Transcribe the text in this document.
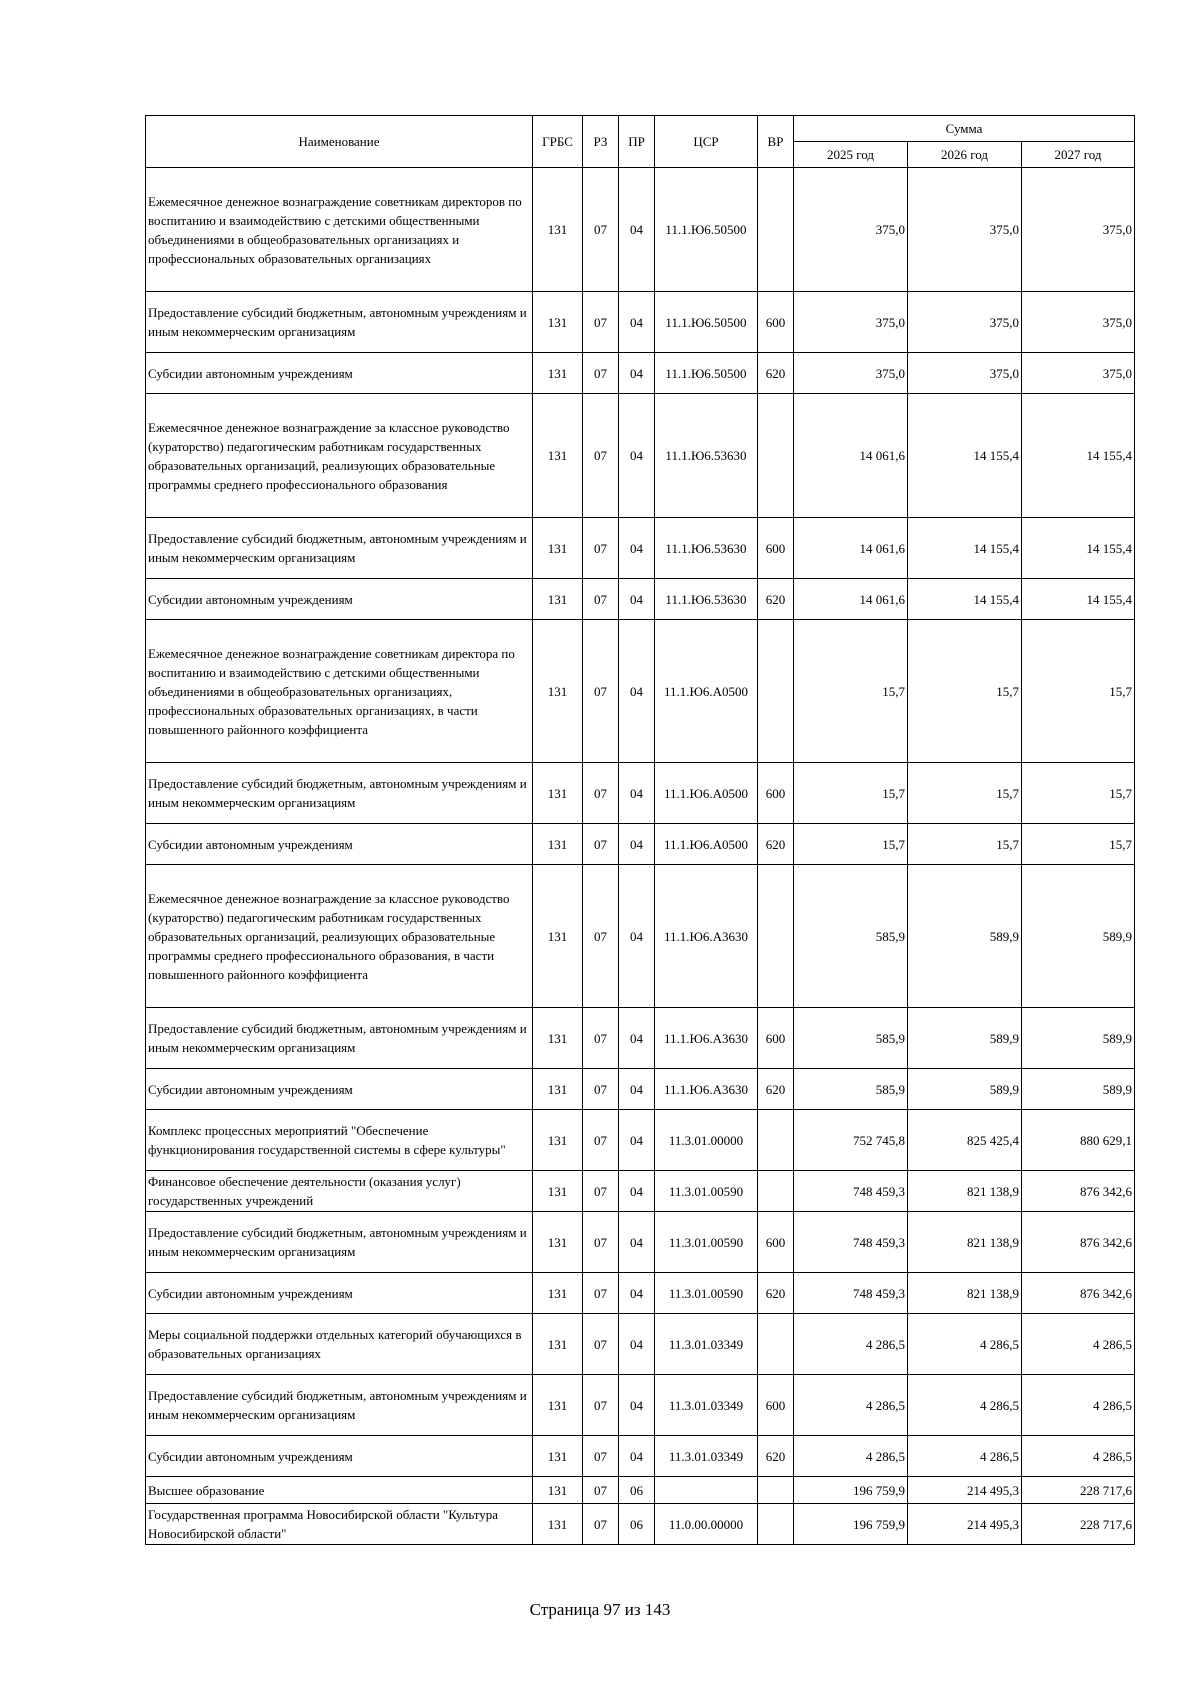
Наименование	ГРБС	РЗ	ПР	ЦСР	ВР	Сумма		
						2025 год	2026 год	2027 год
Ежемесячное денежное вознаграждение советникам директоров по воспитанию и взаимодействию с детскими общественными объединениями в общеобразовательных организациях и профессиональных образовательных организациях	131	07	04	11.1.Ю6.50500		375,0	375,0	375,0
Предоставление субсидий бюджетным, автономным учреждениям и иным некоммерческим организациям	131	07	04	11.1.Ю6.50500	600	375,0	375,0	375,0
Субсидии автономным учреждениям	131	07	04	11.1.Ю6.50500	620	375,0	375,0	375,0
Ежемесячное денежное вознаграждение за классное руководство (кураторство) педагогическим работникам государственных образовательных организаций, реализующих образовательные программы среднего профессионального образования	131	07	04	11.1.Ю6.53630		14 061,6	14 155,4	14 155,4
Предоставление субсидий бюджетным, автономным учреждениям и иным некоммерческим организациям	131	07	04	11.1.Ю6.53630	600	14 061,6	14 155,4	14 155,4
Субсидии автономным учреждениям	131	07	04	11.1.Ю6.53630	620	14 061,6	14 155,4	14 155,4
Ежемесячное денежное вознаграждение советникам директора по воспитанию и взаимодействию с детскими общественными объединениями в общеобразовательных организациях, профессиональных образовательных организациях, в части повышенного районного коэффициента	131	07	04	11.1.Ю6.А0500		15,7	15,7	15,7
Предоставление субсидий бюджетным, автономным учреждениям и иным некоммерческим организациям	131	07	04	11.1.Ю6.А0500	600	15,7	15,7	15,7
Субсидии автономным учреждениям	131	07	04	11.1.Ю6.А0500	620	15,7	15,7	15,7
Ежемесячное денежное вознаграждение за классное руководство (кураторство) педагогическим работникам государственных образовательных организаций, реализующих образовательные программы среднего профессионального образования, в части повышенного районного коэффициента	131	07	04	11.1.Ю6.А3630		585,9	589,9	589,9
Предоставление субсидий бюджетным, автономным учреждениям и иным некоммерческим организациям	131	07	04	11.1.Ю6.А3630	600	585,9	589,9	589,9
Субсидии автономным учреждениям	131	07	04	11.1.Ю6.А3630	620	585,9	589,9	589,9
Комплекс процессных мероприятий "Обеспечение функционирования государственной системы в сфере культуры"	131	07	04	11.3.01.00000		752 745,8	825 425,4	880 629,1
Финансовое обеспечение деятельности (оказания услуг) государственных учреждений	131	07	04	11.3.01.00590		748 459,3	821 138,9	876 342,6
Предоставление субсидий бюджетным, автономным учреждениям и иным некоммерческим организациям	131	07	04	11.3.01.00590	600	748 459,3	821 138,9	876 342,6
Субсидии автономным учреждениям	131	07	04	11.3.01.00590	620	748 459,3	821 138,9	876 342,6
Меры социальной поддержки отдельных категорий обучающихся в образовательных организациях	131	07	04	11.3.01.03349		4 286,5	4 286,5	4 286,5
Предоставление субсидий бюджетным, автономным учреждениям и иным некоммерческим организациям	131	07	04	11.3.01.03349	600	4 286,5	4 286,5	4 286,5
Субсидии автономным учреждениям	131	07	04	11.3.01.03349	620	4 286,5	4 286,5	4 286,5
Высшее образование	131	07	06			196 759,9	214 495,3	228 717,6
Государственная программа Новосибирской области "Культура Новосибирской области"	131	07	06	11.0.00.00000		196 759,9	214 495,3	228 717,6
Страница 97 из 143
